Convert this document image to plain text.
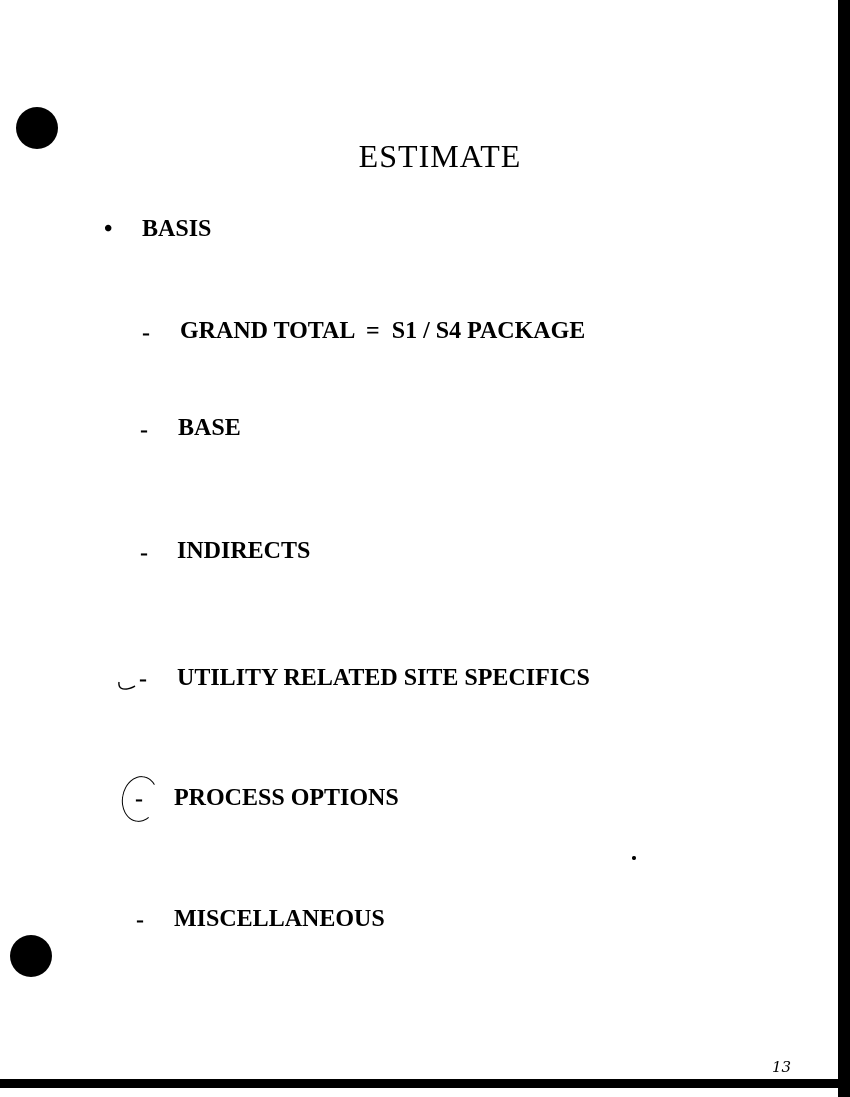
ESTIMATE
• BASIS
- GRAND TOTAL  =  S1 / S4 PACKAGE
- BASE
- INDIRECTS
- UTILITY RELATED SITE SPECIFICS
- PROCESS OPTIONS
- MISCELLANEOUS
13
